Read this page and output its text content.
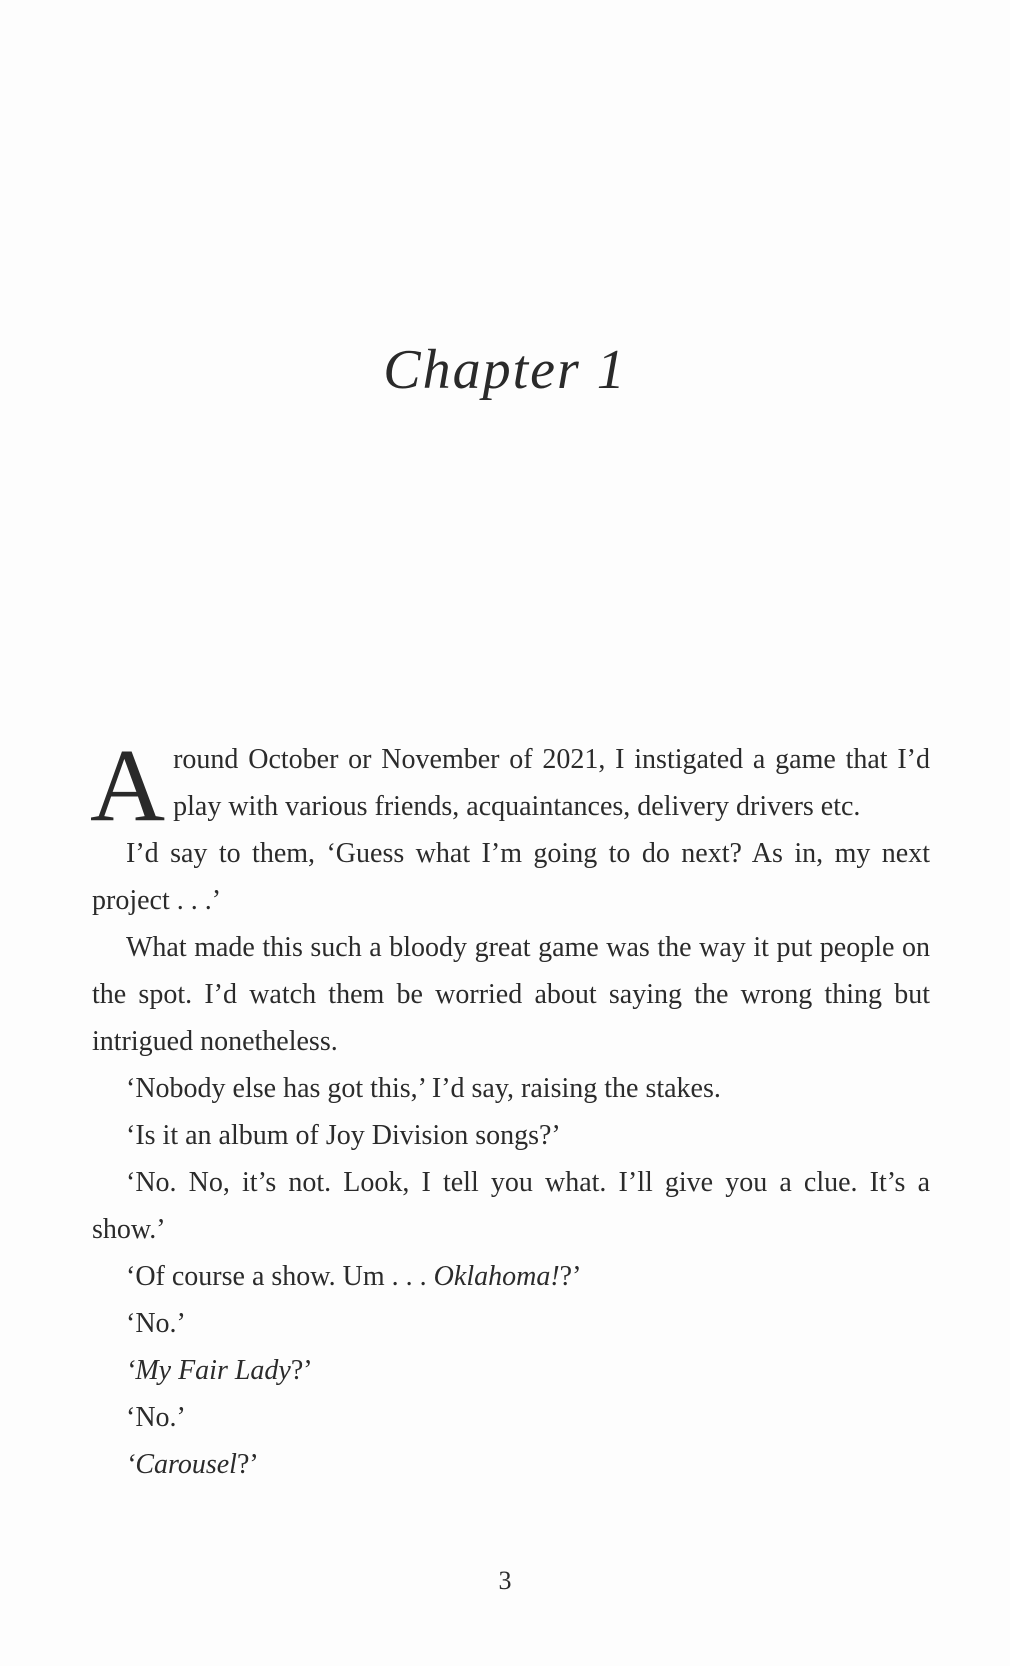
Chapter 1

Around October or November of 2021, I instigated a game that I’d play with various friends, acquaintances, delivery drivers etc.

I’d say to them, ‘Guess what I’m going to do next? As in, my next project . . .’

What made this such a bloody great game was the way it put people on the spot. I’d watch them be worried about saying the wrong thing but intrigued nonetheless.

‘Nobody else has got this,’ I’d say, raising the stakes.

‘Is it an album of Joy Division songs?’

‘No. No, it’s not. Look, I tell you what. I’ll give you a clue. It’s a show.’

‘Of course a show. Um . . . Oklahoma!?’

‘No.’

‘My Fair Lady?’

‘No.’

‘Carousel?’

3
